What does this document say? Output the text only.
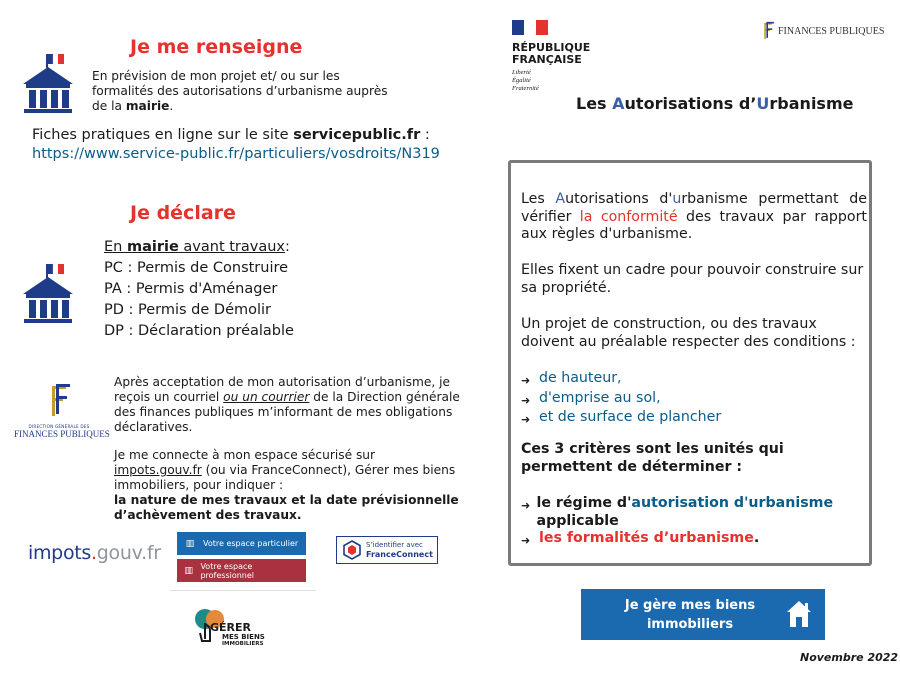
Je me renseigne
En prévision de mon projet et/ ou sur les formalités des autorisations d’urbanisme auprès de la mairie.
Fiches pratiques en ligne sur le site servicepublic.fr :
https://www.service-public.fr/particuliers/vosdroits/N319
Je déclare
En mairie avant travaux:
PC : Permis de Construire
PA : Permis d'Aménager
PD : Permis de Démolir
DP : Déclaration préalable
DIRECTION GÉNÉRALE DES
FINANCES PUBLIQUES
Après acceptation de mon autorisation d’urbanisme, je reçois un courriel ou un courrier de la Direction générale des finances publiques m’informant de mes obligations déclaratives.
Je me connecte à mon espace sécurisé sur impots.gouv.fr (ou via FranceConnect), Gérer mes biens immobiliers, pour indiquer :
la nature de mes travaux et la date prévisionnelle d’achèvement des travaux.
impots.gouv.fr	▥	Votre espace particulier
▥ Votre espace professionnel
S’identifier avec
FranceConnect
GÉRER
MES BIENS
IMMOBILIERS
RÉPUBLIQUE
FRANÇAISE
Liberté
Égalité
Fraternité
FINANCES PUBLIQUES
Les Autorisations d’Urbanisme
Les Autorisations d'urbanisme permettant de vérifier la conformité des travaux par rapport aux règles d'urbanisme.
Elles fixent un cadre pour pouvoir construire sur sa propriété.
Un projet de construction, ou des travaux doivent au préalable respecter des conditions :
➜ de hauteur,
➜ d'emprise au sol,
➜ et de surface de plancher
Ces 3 critères sont les unités qui permettent de déterminer :
➜ le régime d'autorisation d'urbanisme applicable
➜ les formalités d’urbanisme.
Je gère mes biens
immobiliers
Novembre 2022
